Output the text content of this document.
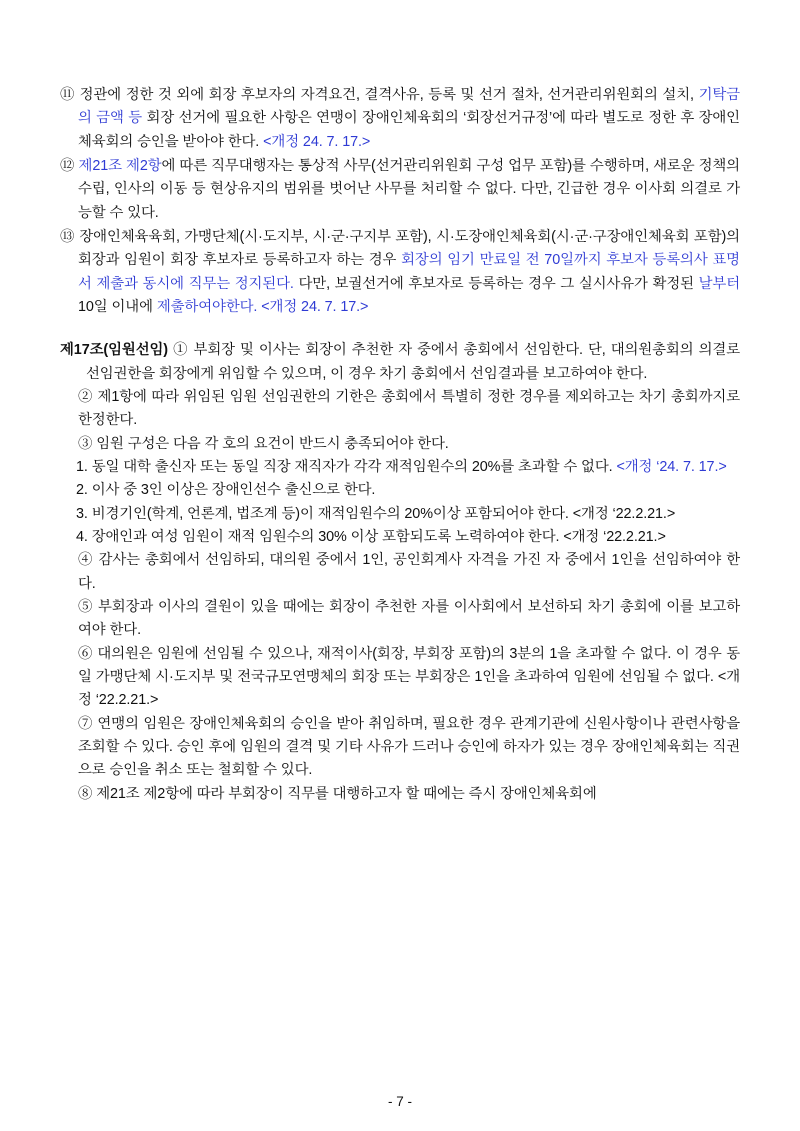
⑪ 정관에 정한 것 외에 회장 후보자의 자격요건, 결격사유, 등록 및 선거 절차, 선거관리위원회의 설치, 기탁금의 금액 등 회장 선거에 필요한 사항은 연맹이 장애인체육회의 ‘회장선거규정’에 따라 별도로 정한 후 장애인체육회의 승인을 받아야 한다. <개정 24. 7. 17.>

⑫ 제21조 제2항에 따른 직무대행자는 통상적 사무(선거관리위원회 구성 업무 포함)를 수행하며, 새로운 정책의 수립, 인사의 이동 등 현상유지의 범위를 벗어난 사무를 처리할 수 없다. 다만, 긴급한 경우 이사회 의결로 가능할 수 있다.

⑬ 장애인체육육회, 가맹단체(시·도지부, 시·군·구지부 포함), 시·도장애인체육회(시·군·구장애인체육회 포함)의 회장과 임원이 회장 후보자로 등록하고자 하는 경우 회장의 임기 만료일 전 70일까지 후보자 등록의사 표명서 제출과 동시에 직무는 정지된다. 다만, 보궐선거에 후보자로 등록하는 경우 그 실시사유가 확정된 날부터 10일 이내에 제출하여야한다. <개정 24. 7. 17.>

제17조(임원선임) ① 부회장 및 이사는 회장이 추천한 자 중에서 총회에서 선임한다. 단, 대의원총회의 의결로 선임권한을 회장에게 위임할 수 있으며, 이 경우 차기 총회에서 선임결과를 보고하여야 한다.

② 제1항에 따라 위임된 임원 선임권한의 기한은 총회에서 특별히 정한 경우를 제외하고는 차기 총회까지로 한정한다.

③ 임원 구성은 다음 각 호의 요건이 반드시 충족되어야 한다.

1. 동일 대학 출신자 또는 동일 직장 재직자가 각각 재적임원수의 20%를 초과할 수 없다. <개정 ‘24. 7. 17.>

2. 이사 중 3인 이상은 장애인선수 출신으로 한다.

3. 비경기인(학계, 언론계, 법조계 등)이 재적임원수의 20%이상 포함되어야 한다. <개정 ‘22.2.21.>

4. 장애인과 여성 임원이 재적 임원수의 30% 이상 포함되도록 노력하여야 한다. <개정 ‘22.2.21.>

④ 감사는 총회에서 선임하되, 대의원 중에서 1인, 공인회계사 자격을 가진 자 중에서 1인을 선임하여야 한다.

⑤ 부회장과 이사의 결원이 있을 때에는 회장이 추천한 자를 이사회에서 보선하되 차기 총회에 이를 보고하여야 한다.

⑥ 대의원은 임원에 선임될 수 있으나, 재적이사(회장, 부회장 포함)의 3분의 1을 초과할 수 없다. 이 경우 동일 가맹단체 시·도지부 및 전국규모연맹체의 회장 또는 부회장은 1인을 초과하여 임원에 선임될 수 없다. <개정 ‘22.2.21.>

⑦ 연맹의 임원은 장애인체육회의 승인을 받아 취임하며, 필요한 경우 관계기관에 신원사항이나 관련사항을 조회할 수 있다. 승인 후에 임원의 결격 및 기타 사유가 드러나 승인에 하자가 있는 경우 장애인체육회는 직권으로 승인을 취소 또는 철회할 수 있다.

⑧ 제21조 제2항에 따라 부회장이 직무를 대행하고자 할 때에는 즉시 장애인체육회에

- 7 -
